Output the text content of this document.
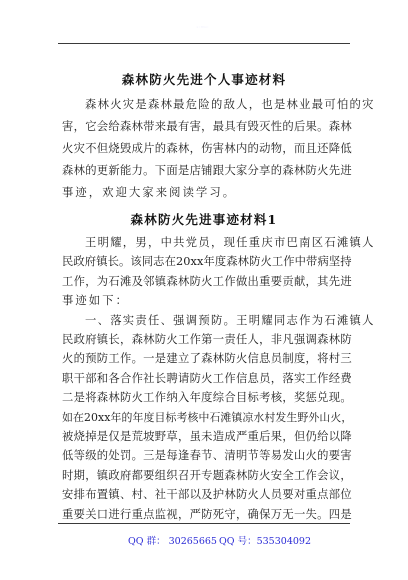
森林防火先进个人事迹材料
森林火灾是森林最危险的敌人，也是林业最可怕的灾
害，它会给森林带来最有害，最具有毁灭性的后果。森林
火灾不但烧毁成片的森林，伤害林内的动物，而且还降低
森林的更新能力。下面是店铺跟大家分享的森林防火先进
事迹，欢迎大家来阅读学习。
森林防火先进事迹材料1
王明耀，男，中共党员，现任重庆市巴南区石滩镇人
民政府镇长。该同志在20xx年度森林防火工作中带病坚持
工作，为石滩及邻镇森林防火工作做出重要贡献，其先进
事迹如下：
一、落实责任、强调预防。王明耀同志作为石滩镇人
民政府镇长，森林防火工作第一责任人，非凡强调森林防
火的预防工作。一是建立了森林防火信息员制度，将村三
职干部和各合作社长聘请防火工作信息员，落实工作经费
二是将森林防火工作纳入年度综合目标考核，奖惩兑现。
如在20xx年的年度目标考核中石滩镇凉水村发生野外山火，
被烧掉是仅是荒坡野草，虽未造成严重后果，但仍给以降
低等级的处罚。三是每逢春节、清明节等易发山火的要害
时期，镇政府都要组织召开专题森林防火安全工作会议，
安排布置镇、村、社干部以及护林防火人员要对重点部位
重要关口进行重点监视，严防死守，确保万无一失。四是
QQ 群： 30265665 QQ 号：535304092
